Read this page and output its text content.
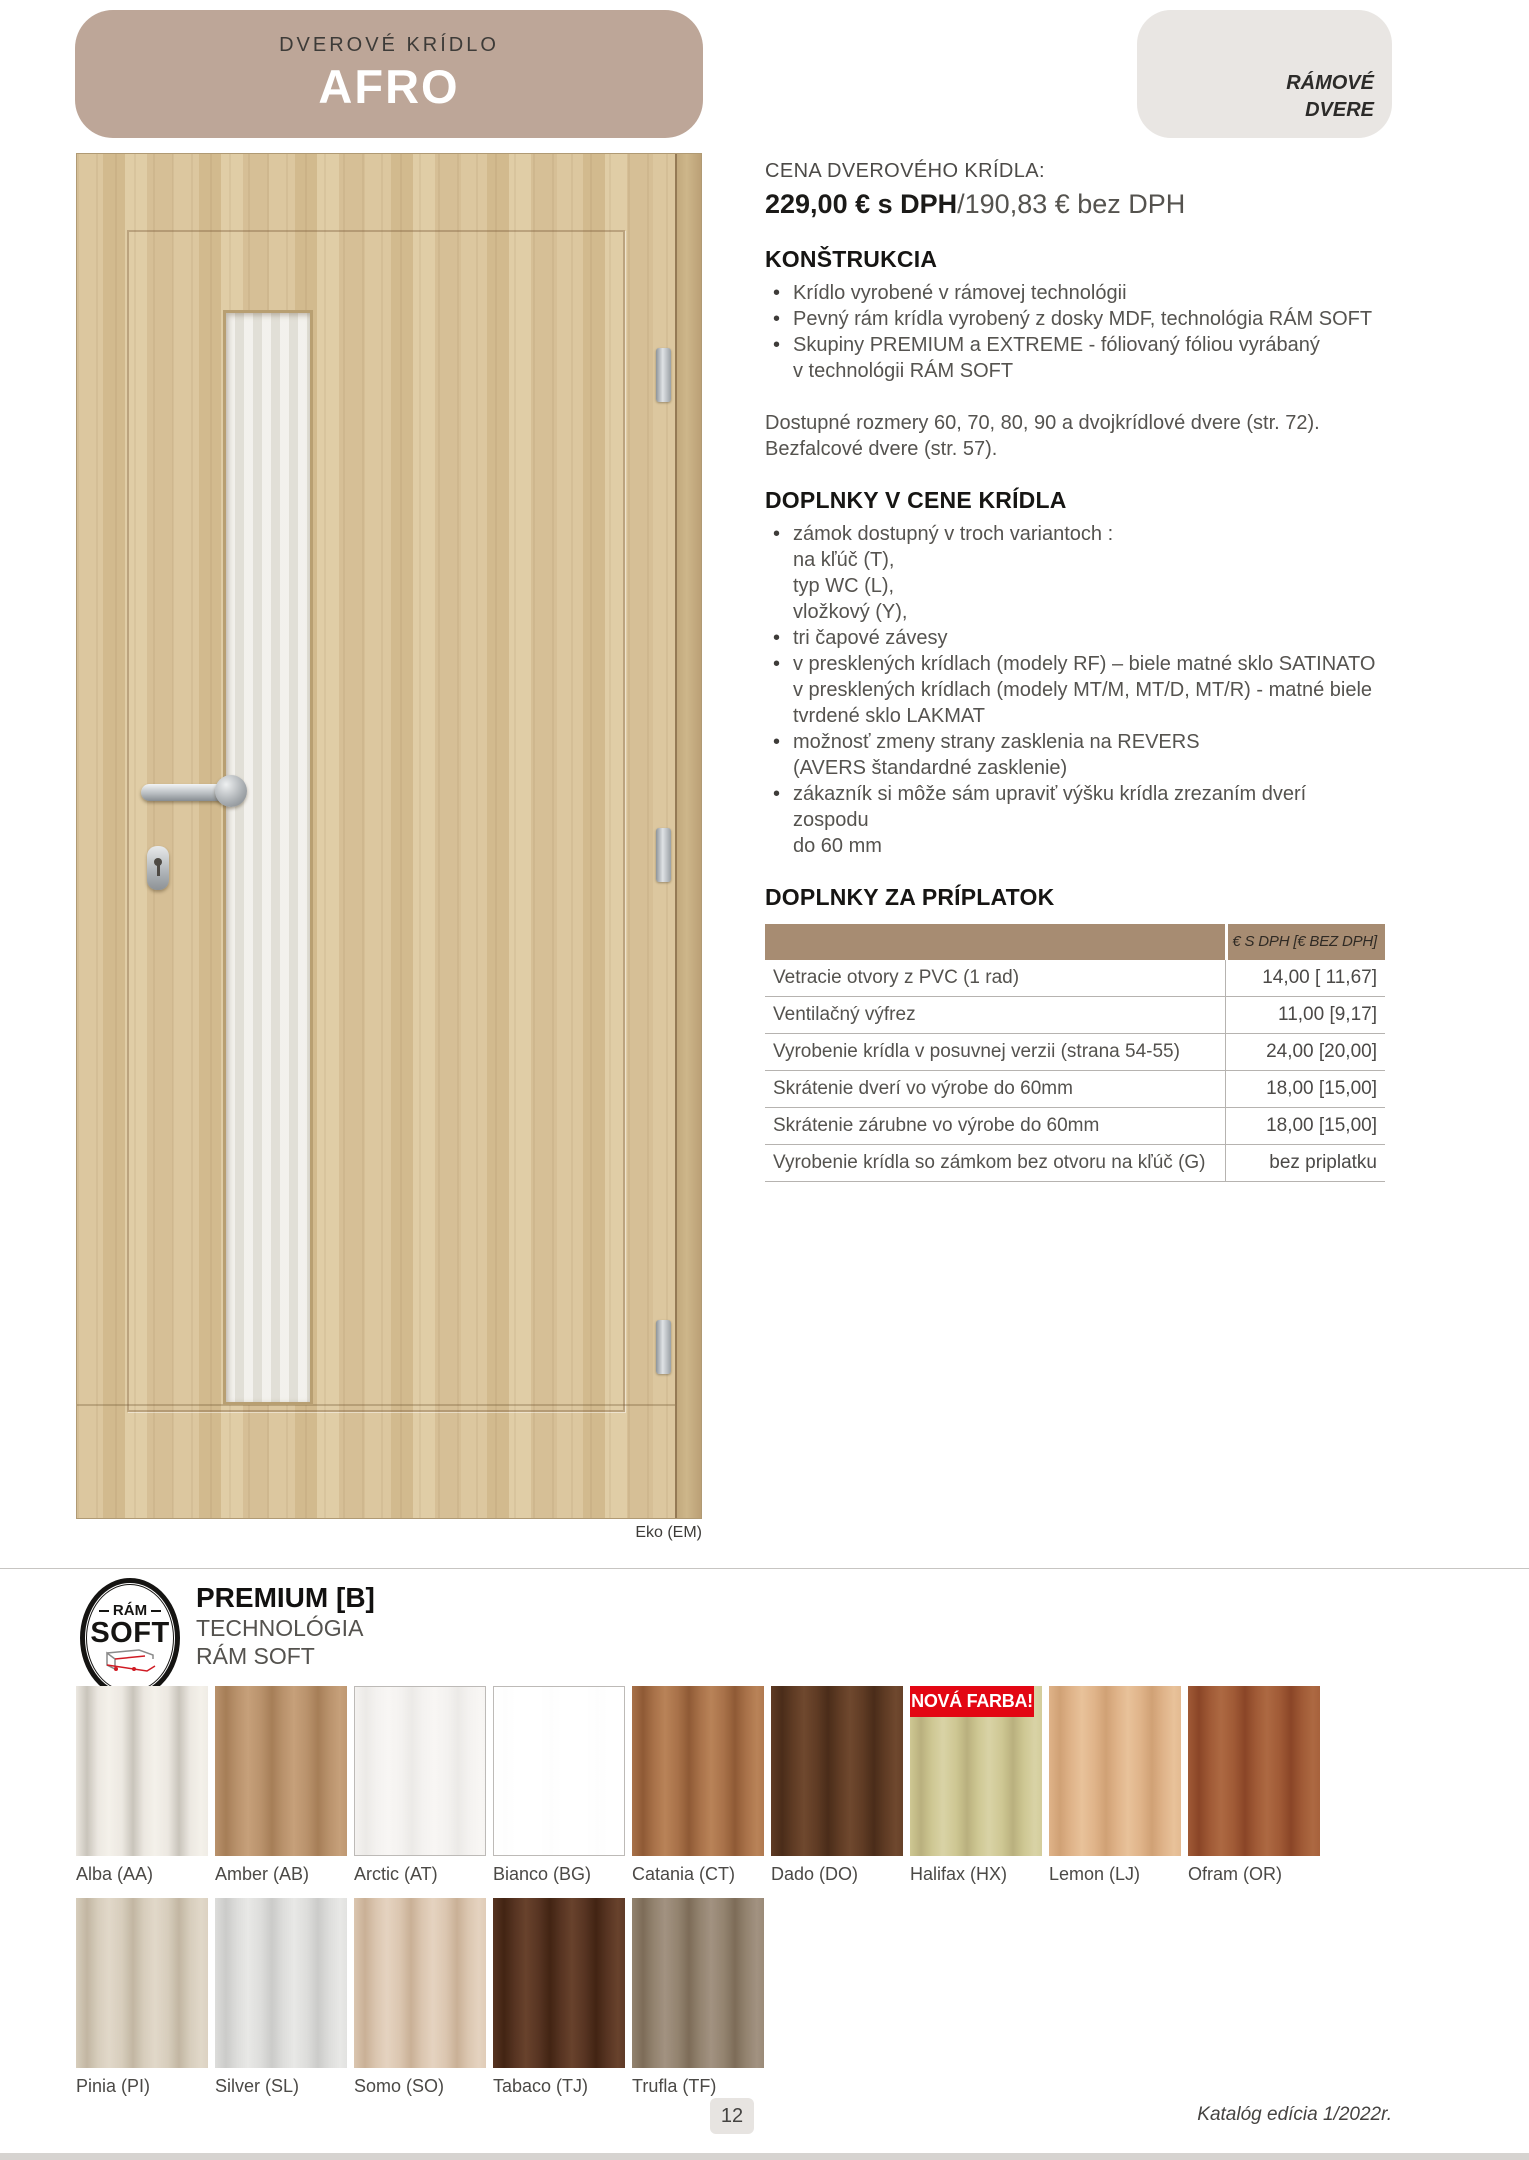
DVEROVÉ KRÍDLO
AFRO	RÁMOVÉ
DVERE
Eko (EM)
CENA DVEROVÉHO KRÍDLA:
229,00 € s DPH/190,83 € bez DPH
KONŠTRUKCIA
• Krídlo vyrobené v rámovej technológii
• Pevný rám krídla vyrobený z dosky MDF, technológia RÁM SOFT
• Skupiny PREMIUM a EXTREME - fóliovaný fóliou vyrábaný
v technológii RÁM SOFT
Dostupné rozmery 60, 70, 80, 90 a dvojkrídlové dvere (str. 72).
Bezfalcové dvere (str. 57).
DOPLNKY V CENE KRÍDLA
• zámok dostupný v troch variantoch :
na kľúč (T),
typ WC (L),
vložkový (Y),
• tri čapové závesy
• v presklených krídlach (modely RF) – biele matné sklo SATINATO
v presklených krídlach (modely MT/M, MT/D, MT/R) - matné biele
tvrdené sklo LAKMAT
• možnosť zmeny strany zasklenia na REVERS
(AVERS štandardné zasklenie)
• zákazník si môže sám upraviť výšku krídla zrezaním dverí zospodu
do 60 mm
DOPLNKY ZA PRÍPLATOK
€ S DPH [€ BEZ DPH]
Vetracie otvory z PVC (1 rad)	14,00 [ 11,67]
Ventilačný výfrez	11,00 [9,17]
Vyrobenie krídla v posuvnej verzii (strana 54-55)	24,00 [20,00]
Skrátenie dverí vo výrobe do 60mm	18,00 [15,00]
Skrátenie zárubne vo výrobe do 60mm	18,00 [15,00]
Vyrobenie krídla so zámkom bez otvoru na kľúč (G)	bez priplatku
RÁM
SOFT
PREMIUM [B]
TECHNOLÓGIA
RÁM SOFT
Alba (AA)	Amber (AB)	Arctic (AT)	Bianco (BG)	Catania (CT)	Dado (DO)
NOVÁ FARBA!
Halifax (HX)	Lemon (LJ)	Ofram (OR)
Pinia (PI)	Silver (SL)	Somo (SO)	Tabaco (TJ)	Trufla (TF)
12	Katalóg edícia 1/2022r.
